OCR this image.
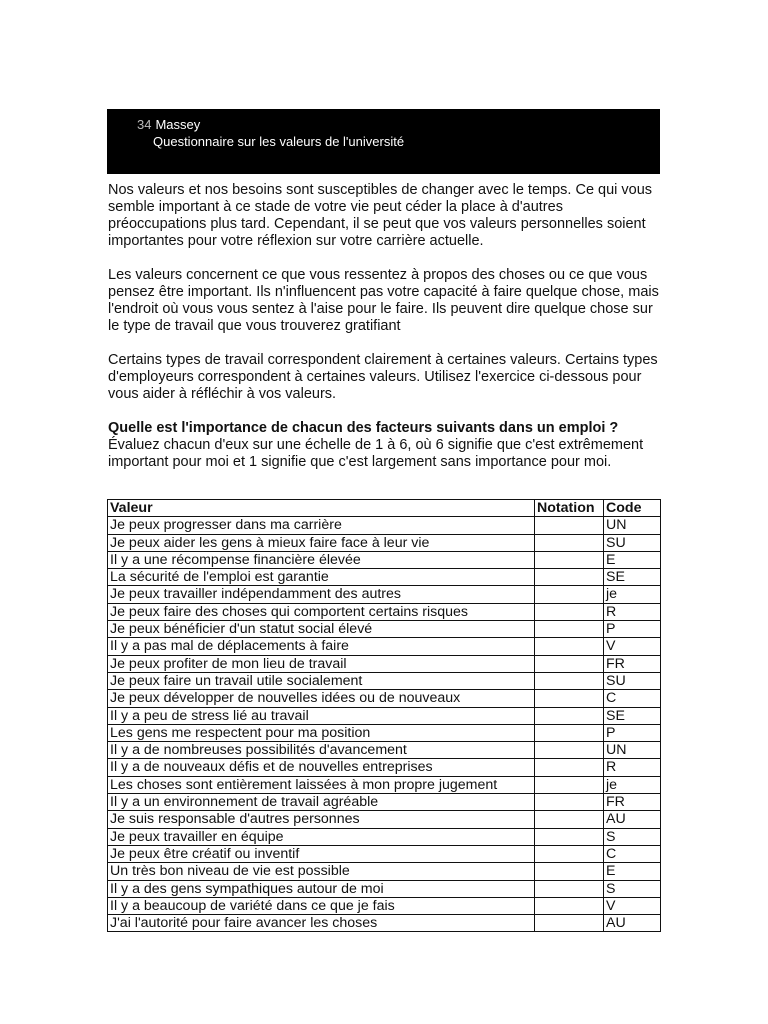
34 Massey
Questionnaire sur les valeurs de l'université

Nos valeurs et nos besoins sont susceptibles de changer avec le temps. Ce qui vous semble important à ce stade de votre vie peut céder la place à d'autres préoccupations plus tard. Cependant, il se peut que vos valeurs personnelles soient importantes pour votre réflexion sur votre carrière actuelle.

Les valeurs concernent ce que vous ressentez à propos des choses ou ce que vous pensez être important. Ils n'influencent pas votre capacité à faire quelque chose, mais l'endroit où vous vous sentez à l'aise pour le faire. Ils peuvent dire quelque chose sur le type de travail que vous trouverez gratifiant

Certains types de travail correspondent clairement à certaines valeurs. Certains types d'employeurs correspondent à certaines valeurs. Utilisez l'exercice ci-dessous pour vous aider à réfléchir à vos valeurs.

Quelle est l'importance de chacun des facteurs suivants dans un emploi ?
Évaluez chacun d'eux sur une échelle de 1 à 6, où 6 signifie que c'est extrêmement important pour moi et 1 signifie que c'est largement sans importance pour moi.

Valeur	Notation	Code
Je peux progresser dans ma carrière		UN
Je peux aider les gens à mieux faire face à leur vie		SU
Il y a une récompense financière élevée		E
La sécurité de l'emploi est garantie		SE
Je peux travailler indépendamment des autres		je
Je peux faire des choses qui comportent certains risques		R
Je peux bénéficier d'un statut social élevé		P
Il y a pas mal de déplacements à faire		V
Je peux profiter de mon lieu de travail		FR
Je peux faire un travail utile socialement		SU
Je peux développer de nouvelles idées ou de nouveaux		C
Il y a peu de stress lié au travail		SE
Les gens me respectent pour ma position		P
Il y a de nombreuses possibilités d'avancement		UN
Il y a de nouveaux défis et de nouvelles entreprises		R
Les choses sont entièrement laissées à mon propre jugement		je
Il y a un environnement de travail agréable		FR
Je suis responsable d'autres personnes		AU
Je peux travailler en équipe		S
Je peux être créatif ou inventif		C
Un très bon niveau de vie est possible		E
Il y a des gens sympathiques autour de moi		S
Il y a beaucoup de variété dans ce que je fais		V
J'ai l'autorité pour faire avancer les choses		AU
